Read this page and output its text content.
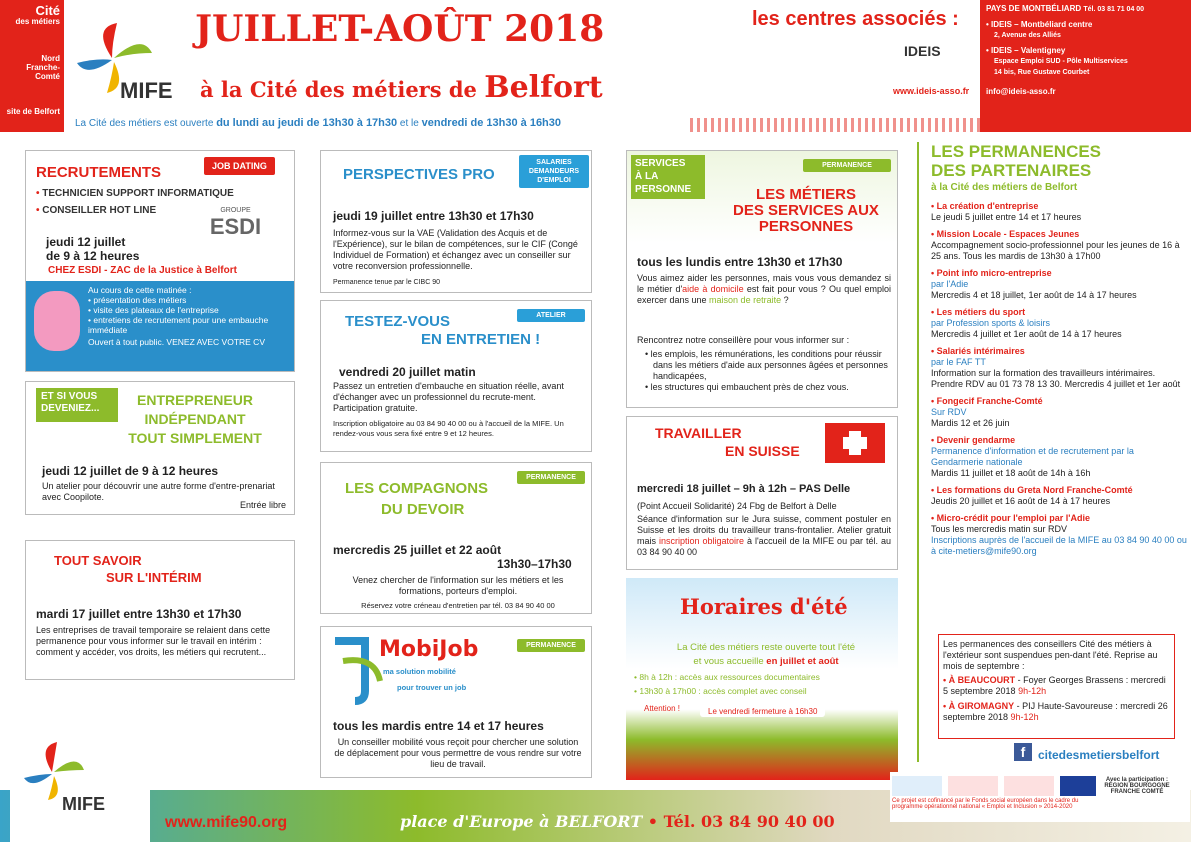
Cité
des métiers
Nord
Franche-Comté
site de Belfort
MIFE
JUILLET-AOÛT 2018
à la Cité des métiers de Belfort
La Cité des métiers est ouverte du lundi au jeudi de 13h30 à 17h30 et le vendredi de 13h30 à 16h30
les centres associés :
IDEIS
www.ideis-asso.fr
PAYS DE MONTBÉLIARD Tél. 03 81 71 04 00
• IDEIS – Montbéliard centre
2, Avenue des Alliés
• IDEIS – Valentigney
Espace Emploi SUD - Pôle Multiservices
14 bis, Rue Gustave Courbet
info@ideis-asso.fr
RECRUTEMENTS	JOB DATING
• TECHNICIEN SUPPORT INFORMATIQUE
• CONSEILLER HOT LINE	GROUPE
ESDI
jeudi 12 juillet
de 9 à 12 heures
CHEZ ESDI - ZAC de la Justice à Belfort
Au cours de cette matinée :
• présentation des métiers
• visite des plateaux de l'entreprise
• entretiens de recrutement pour une embauche immédiate
Ouvert à tout public. VENEZ AVEC VOTRE CV
ET SI VOUS
DEVENIEZ...
ENTREPRENEUR
INDÉPENDANT
TOUT SIMPLEMENT
jeudi 12 juillet de 9 à 12 heures
Un atelier pour découvrir une autre forme d'entre-prenariat avec Coopilote.
Entrée libre
TOUT SAVOIR
SUR L'INTÉRIM
mardi 17 juillet entre 13h30 et 17h30
Les entreprises de travail temporaire se relaient dans cette permanence pour vous informer sur le travail en intérim : comment y accéder, vos droits, les métiers qui recrutent...
PERSPECTIVES PRO
SALARIES
DEMANDEURS D'EMPLOI
jeudi 19 juillet entre 13h30 et 17h30
Informez-vous sur la VAE (Validation des Acquis et de l'Expérience), sur le bilan de compétences, sur le CIF (Congé Individuel de Formation) et échangez avec un conseiller sur votre reconversion professionnelle.
Permanence tenue par le CIBC 90
TESTEZ-VOUS
EN ENTRETIEN !
ATELIER
vendredi 20 juillet matin
Passez un entretien d'embauche en situation réelle, avant d'échanger avec un professionnel du recrute-ment. Participation gratuite.
Inscription obligatoire au 03 84 90 40 00 ou à l'accueil de la MIFE. Un rendez-vous vous sera fixé entre 9 et 12 heures.
LES COMPAGNONS
DU DEVOIR
PERMANENCE
mercredis 25 juillet et 22 août
13h30–17h30
Venez chercher de l'information sur les métiers et les formations, porteurs d'emploi.
Réservez votre créneau d'entretien par tél. 03 84 90 40 00
MobiJob	PERMANENCE
ma solution mobilité
pour trouver un job
tous les mardis entre 14 et 17 heures
Un conseiller mobilité vous reçoit pour chercher une solution de déplacement pour vous permettre de vous rendre sur votre lieu de travail.
SERVICES
À LA
PERSONNE
PERMANENCE
LES MÉTIERS
DES SERVICES AUX
PERSONNES
tous les lundis entre 13h30 et 17h30
Vous aimez aider les personnes, mais vous vous demandez si le métier d'aide à domicile est fait pour vous ? Ou quel emploi exercer dans une maison de retraite ?
Rencontrez notre conseillère pour vous informer sur :
• les emplois, les rémunérations, les conditions pour réussir dans les métiers d'aide aux personnes âgées et personnes handicapées,
• les structures qui embauchent près de chez vous.
TRAVAILLER
EN SUISSE
mercredi 18 juillet – 9h à 12h – PAS Delle
(Point Accueil Solidarité) 24 Fbg de Belfort à Delle
Séance d'information sur le Jura suisse, comment postuler en Suisse et les droits du travailleur trans-frontalier. Atelier gratuit mais inscription obligatoire à l'accueil de la MIFE ou par tél. au 03 84 90 40 00
Horaires d'été
La Cité des métiers reste ouverte tout l'été
et vous accueille en juillet et août
• 8h à 12h : accès aux ressources documentaires
• 13h30 à 17h00 : accès complet avec conseil
Attention !	Le vendredi fermeture à 16h30
LES PERMANENCES
DES PARTENAIRES
à la Cité des métiers de Belfort
• La création d'entreprise
Le jeudi 5 juillet entre 14 et 17 heures
• Mission Locale - Espaces Jeunes
Accompagnement socio-professionnel pour les jeunes de 16 à 25 ans. Tous les mardis de 13h30 à 17h00
• Point info micro-entreprise
par l'Adie
Mercredis 4 et 18 juillet, 1er août de 14 à 17 heures
• Les métiers du sport
par Profession sports & loisirs
Mercredis 4 juillet et 1er août de 14 à 17 heures
• Salariés intérimaires
par le FAF TT
Information sur la formation des travailleurs intérimaires. Prendre RDV au 01 73 78 13 30. Mercredis 4 juillet et 1er août
• Fongecif Franche-Comté
Sur RDV
Mardis 12 et 26 juin
• Devenir gendarme
Permanence d'information et de recrutement par la Gendarmerie nationale
Mardis 11 juillet et 18 août de 14h à 16h
• Les formations du Greta Nord Franche-Comté
Jeudis 20 juillet et 16 août de 14 à 17 heures
• Micro-crédit pour l'emploi par l'Adie
Tous les mercredis matin sur RDV
Inscriptions auprès de l'accueil de la MIFE au 03 84 90 40 00 ou à cite-metiers@mife90.org
Les permanences des conseillers Cité des métiers à l'extérieur sont suspendues pen-dant l'été. Reprise au mois de septembre :
• À BEAUCOURT - Foyer Georges Brassens : mercredi 5 septembre 2018 9h-12h
• À GIROMAGNY - PIJ Haute-Savoureuse : mercredi 26 septembre 2018 9h-12h
MIFE
www.mife90.org	place d'Europe à BELFORT • Tél. 03 84 90 40 00
f	citedesmetiersbelfort
Avec la participation : RÉGION BOURGOGNE FRANCHE COMTÉ
Ce projet est cofinancé par le Fonds social européen dans le cadre du programme opérationnel national « Emploi et Inclusion » 2014-2020
